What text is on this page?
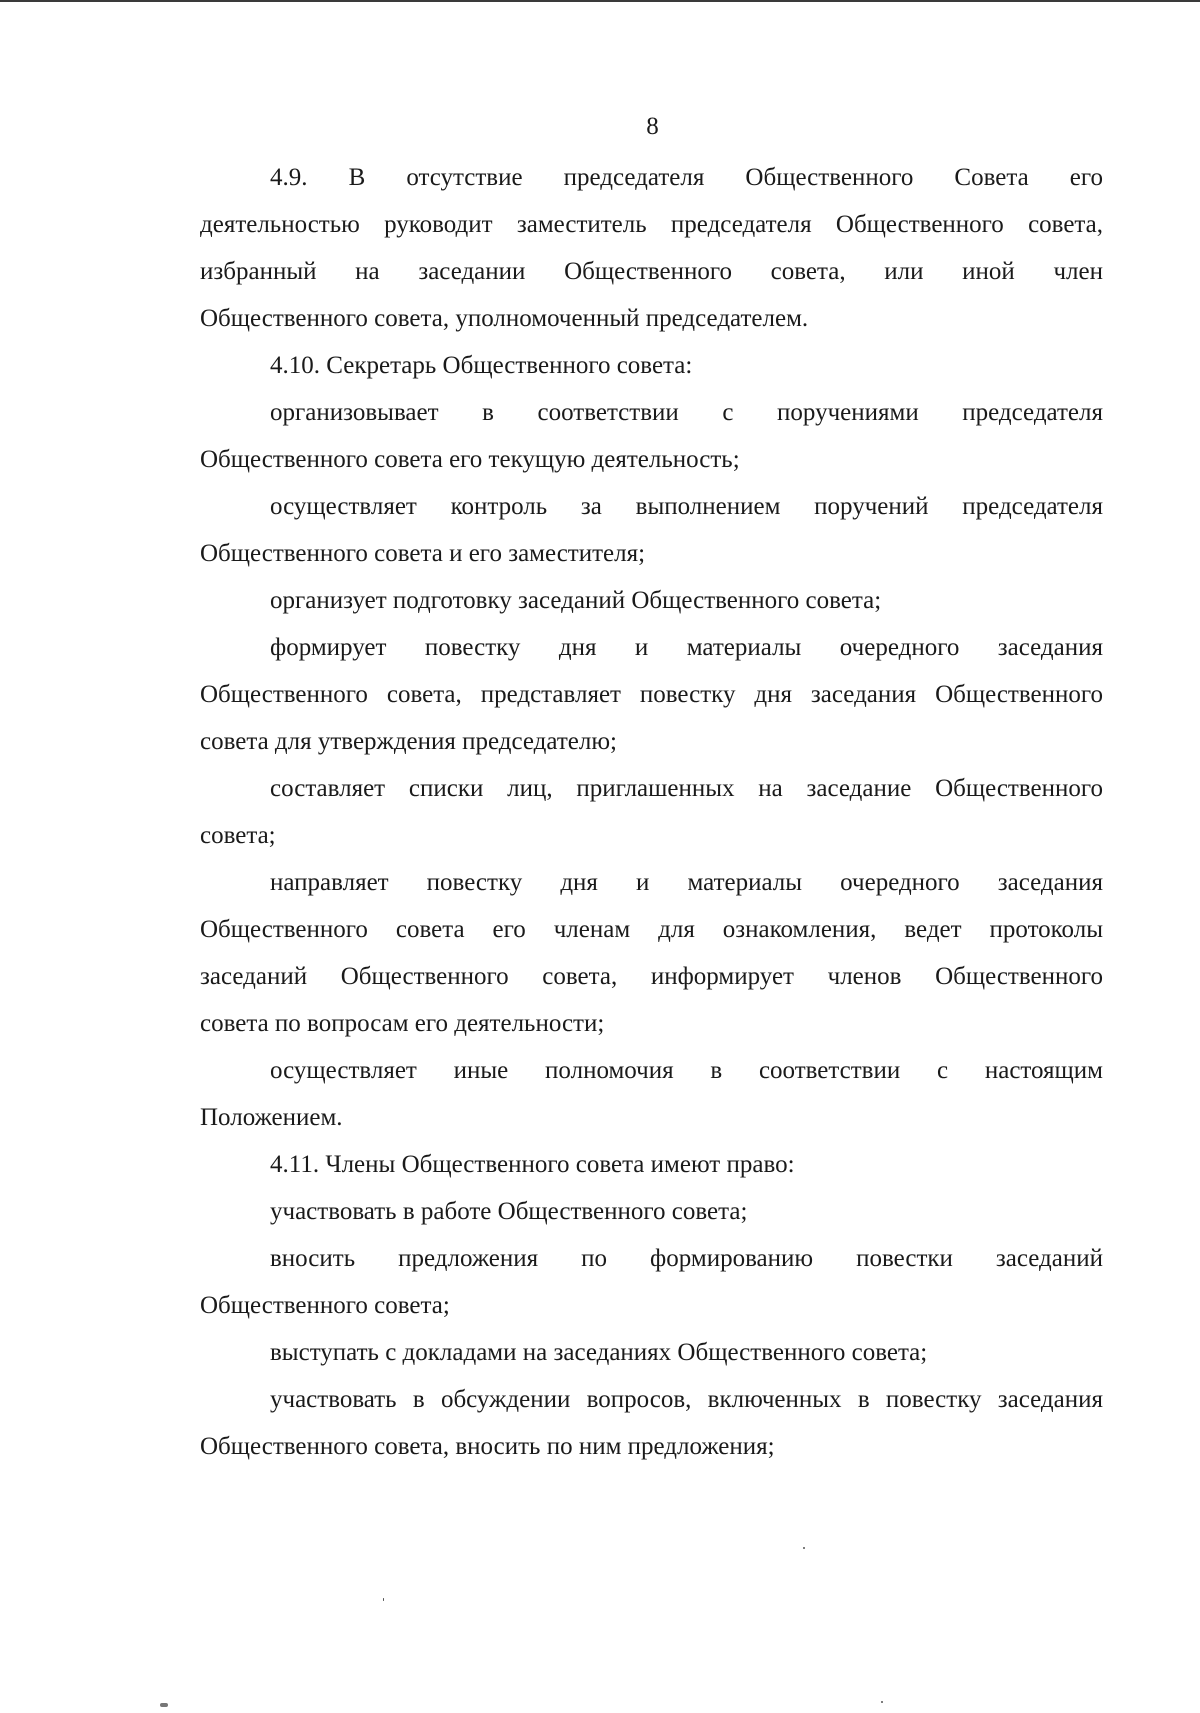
8
4.9. В отсутствие председателя Общественного Совета его
деятельностью руководит заместитель председателя Общественного совета,
избранный на заседании Общественного совета, или иной член
Общественного совета, уполномоченный председателем.
4.10. Секретарь Общественного совета:
организовывает в соответствии с поручениями председателя
Общественного совета его текущую деятельность;
осуществляет контроль за выполнением поручений председателя
Общественного совета и его заместителя;
организует подготовку заседаний Общественного совета;
формирует повестку дня и материалы очередного заседания
Общественного совета, представляет повестку дня заседания Общественного
совета для утверждения председателю;
составляет списки лиц, приглашенных на заседание Общественного
совета;
направляет повестку дня и материалы очередного заседания
Общественного совета его членам для ознакомления, ведет протоколы
заседаний Общественного совета, информирует членов Общественного
совета по вопросам его деятельности;
осуществляет иные полномочия в соответствии с настоящим
Положением.
4.11. Члены Общественного совета имеют право:
участвовать в работе Общественного совета;
вносить предложения по формированию повестки заседаний
Общественного совета;
выступать с докладами на заседаниях Общественного совета;
участвовать в обсуждении вопросов, включенных в повестку заседания
Общественного совета, вносить по ним предложения;
